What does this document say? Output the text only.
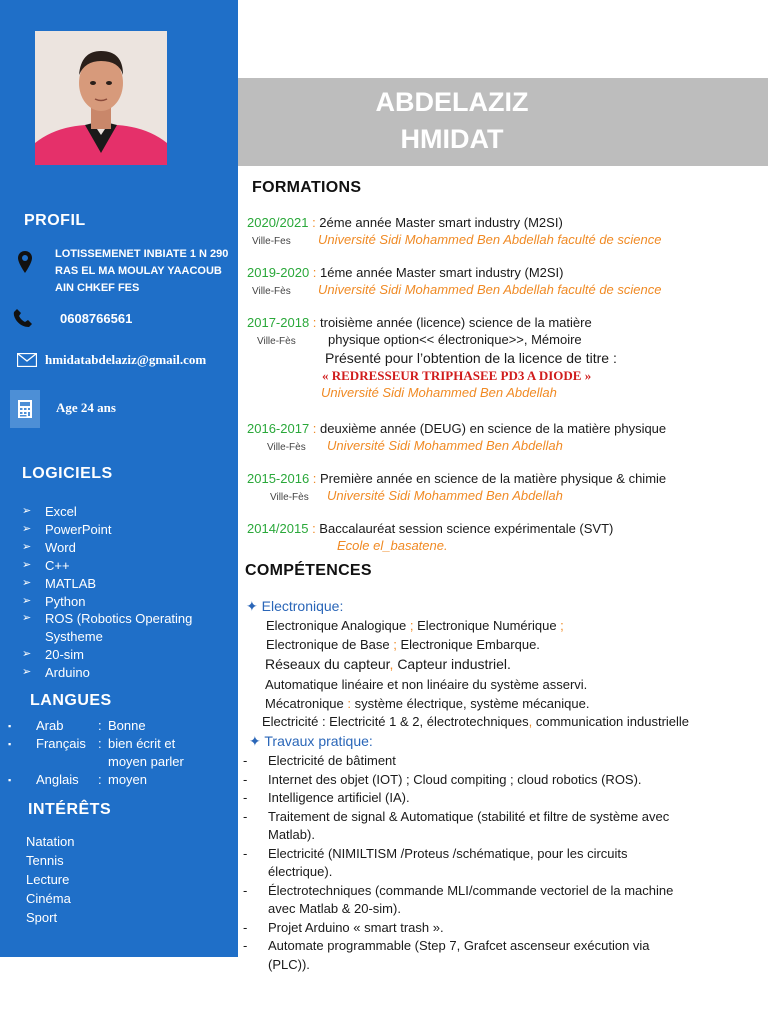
PROFIL
LOTISSEMENET INBIATE 1 N 290 RAS EL MA MOULAY YAACOUB AIN CHKEF FES
0608766561
hmidatabdelaziz@gmail.com
Age 24 ans
LOGICIELS
➢	Excel
➢	PowerPoint
➢	Word
➢	C++
➢	MATLAB
➢	Python
➢	ROS (Robotics Operating
Systheme
➢	20-sim
➢	Arduino
LANGUES
▪	Arab	: Bonne
▪	Français : bien écrit et
moyen parler
▪	Anglais	: moyen
INTÉRÊTS
Natation
Tennis
Lecture
Cinéma
Sport
ABDELAZIZ
HMIDAT
FORMATIONS
2020/2021 : 2éme année Master smart industry (M2SI)
Ville-Fes Université Sidi Mohammed Ben Abdellah faculté de science
2019-2020 : 1éme année Master smart industry (M2SI)
Ville-Fès Université Sidi Mohammed Ben Abdellah faculté de science
2017-2018 : troisième année (licence) science de la matière
Ville-Fès physique option<< électronique>>, Mémoire
Présenté pour l’obtention de la licence de titre :
« REDRESSEUR TRIPHASEE PD3 A DIODE »
Université Sidi Mohammed Ben Abdellah
2016-2017 : deuxième année (DEUG) en science de la matière physique
Ville-Fès Université Sidi Mohammed Ben Abdellah
2015-2016 : Première année en science de la matière physique & chimie
Ville-Fès Université Sidi Mohammed Ben Abdellah
2014/2015 : Baccalauréat session science expérimentale (SVT)
Ecole el_basatene.
COMPÉTENCES
✦ Electronique:
Electronique Analogique ; Electronique Numérique ;
Electronique de Base ; Electronique Embarque.
Réseaux du capteur, Capteur industriel.
Automatique linéaire et non linéaire du système asservi.
Mécatronique : système électrique, système mécanique.
Electricité : Electricité 1 & 2, électrotechniques, communication industrielle
✦ Travaux pratique:
-	Electricité de bâtiment
-	Internet des objet (IOT) ; Cloud compiting ; cloud robotics (ROS).
-	Intelligence artificiel (IA).
-	Traitement de signal & Automatique (stabilité et filtre de système avec
Matlab).
-	Electricité (NIMILTISM /Proteus /schématique, pour les circuits
électrique).
-	Électrotechniques (commande MLI/commande vectoriel de la machine
avec Matlab & 20-sim).
-	Projet Arduino « smart trash ».
-	Automate programmable (Step 7, Grafcet ascenseur exécution via
(PLC)).
